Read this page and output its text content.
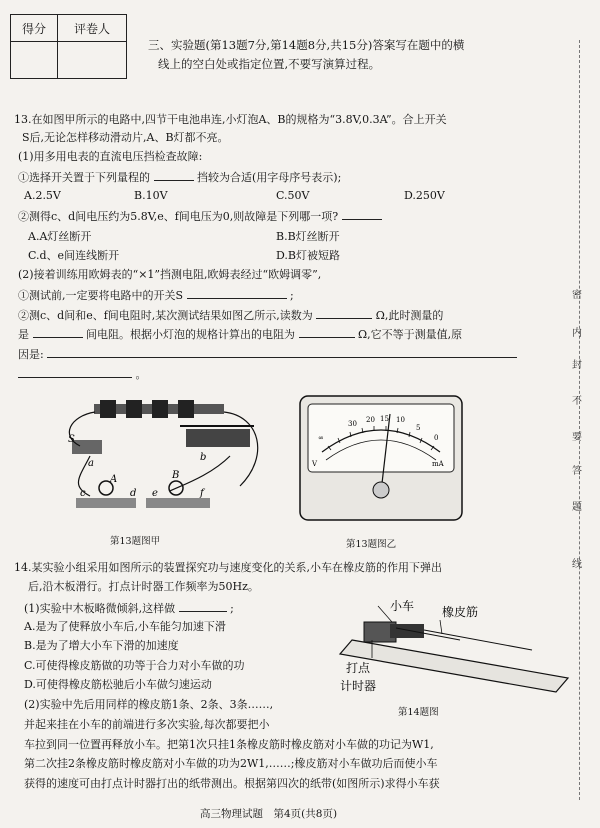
得分	评卷人

三、实验题(第13题7分,第14题8分,共15分)答案写在题中的横
线上的空白处或指定位置,不要写演算过程。
13.在如图甲所示的电路中,四节干电池串连,小灯泡A、B的规格为“3.8V,0.3A”。合上开关
S后,无论怎样移动滑动片,A、B灯都不亮。
(1)用多用电表的直流电压挡检查故障:
①选择开关置于下列量程的	挡较为合适(用字母序号表示);
A.2.5V	B.10V	C.50V	D.250V
②测得c、d间电压约为5.8V,e、f间电压为0,则故障是下列哪一项?
A.A灯丝断开	B.B灯丝断开
C.d、e间连线断开	D.B灯被短路
(2)接着训练用欧姆表的“×1”挡测电阻,欧姆表经过“欧姆调零”,
①测试前,一定要将电路中的开关S	;
②测c、d间和e、f间电阻时,某次测试结果如图乙所示,读数为	Ω,此时测量的
是	间电阻。根据小灯泡的规格计算出的电阻为	Ω,它不等于测量值,原
因是:
。
S
b
a
c
A
d e
B
f
第13题图甲
30 20 15 10
5
0
∞
V	mA
第13题图乙
14.某实验小组采用如图所示的装置探究功与速度变化的关系,小车在橡皮筋的作用下弹出
后,沿木板滑行。打点计时器工作频率为50Hz。
(1)实验中木板略微倾斜,这样做	;
A.是为了使释放小车后,小车能匀加速下滑
B.是为了增大小车下滑的加速度
C.可使得橡皮筋做的功等于合力对小车做的功
D.可使得橡皮筋松驰后小车做匀速运动
(2)实验中先后用同样的橡皮筋1条、2条、3条……,
并起来挂在小车的前端进行多次实验,每次都要把小
车拉到同一位置再释放小车。把第1次只挂1条橡皮筋时橡皮筋对小车做的功记为W1,
第二次挂2条橡皮筋时橡皮筋对小车做的功为2W1,……;橡皮筋对小车做功后而使小车
获得的速度可由打点计时器打出的纸带测出。根据第四次的纸带(如图所示)求得小车获
小车 橡皮筋
打点
计时器
第14题图
高三物理试题　第4页(共8页)
密
封
线
内
不
要
答
题
